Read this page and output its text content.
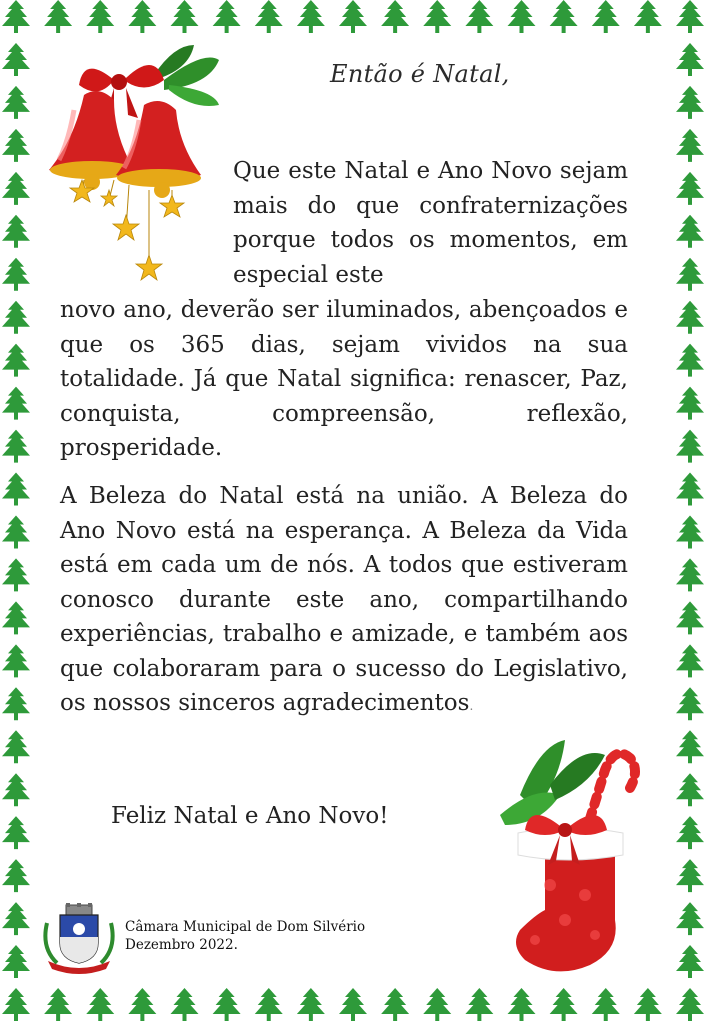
Então é Natal,
Que este Natal e Ano Novo sejam mais do que confraternizações porque todos os momentos, em especial este
novo ano, deverão ser iluminados, abençoados e que os 365 dias, sejam vividos na sua totalidade. Já que Natal significa: renascer, Paz, conquista, compreensão, reflexão, prosperidade.
A Beleza do Natal está na união. A Beleza do Ano Novo está na esperança. A Beleza da Vida está em cada um de nós. A todos que estiveram conosco durante este ano, compartilhando experiências, trabalho e amizade, e também aos que colaboraram para o sucesso do Legislativo, os nossos sinceros agradecimentos.
Feliz Natal e Ano Novo!
Câmara Municipal de Dom Silvério
Dezembro 2022.
